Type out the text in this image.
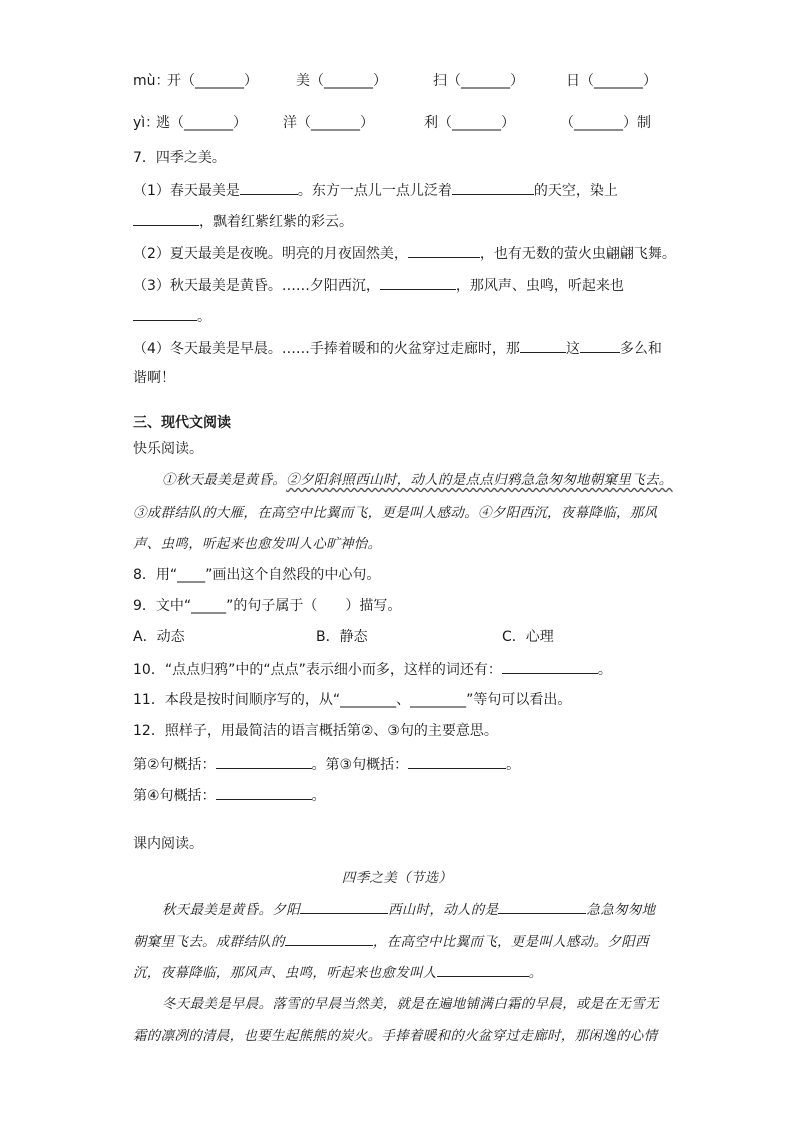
mù：
开（_______）	美（_______）	扫（_______）	日（_______）
yì：
逃（_______）	洋（_______）	利（_______）	（_______）制
7．四季之美。
（1）春天最美是	。东方一点儿一点儿泛着	的天空，染上
，飘着红紫红紫的彩云。
（2）夏天最美是夜晚。明亮的月夜固然美，	，也有无数的萤火虫翩翩飞舞。
（3）秋天最美是黄昏。……夕阳西沉，	，那风声、虫鸣，听起来也
。
（4）冬天最美是早晨。……手捧着暖和的火盆穿过走廊时，那	这	多么和
谐啊！
三、现代文阅读
快乐阅读。
①秋天最美是黄昏。②夕阳斜照西山时，动人的是点点归鸦急急匆匆地朝窠里飞去。
③成群结队的大雁，在高空中比翼而飞，更是叫人感动。④夕阳西沉，夜幕降临，那风
声、虫鸣，听起来也愈发叫人心旷神怡。
8．用“____”画出这个自然段的中心句。
9．文中“_____”的句子属于（　　）描写。
A．动态	B．静态	C．心理
10．“点点归鸦”中的“点点”表示细小而多，这样的词还有：	。
11．本段是按时间顺序写的，从“________、________”等句可以看出。
12．照样子，用最简洁的语言概括第②、③句的主要意思。
第②句概括：	。第③句概括：	。
第④句概括：	。
课内阅读。
四季之美（节选）
秋天最美是黄昏。夕阳	西山时，动人的是	急急匆匆地
朝窠里飞去。成群结队的	，在高空中比翼而飞，更是叫人感动。夕阳西
沉，夜幕降临，那风声、虫鸣，听起来也愈发叫人	。
冬天最美是早晨。落雪的早晨当然美，就是在遍地铺满白霜的早晨，或是在无雪无
霜的凛冽的清晨，也要生起熊熊的炭火。手捧着暖和的火盆穿过走廊时，那闲逸的心情
